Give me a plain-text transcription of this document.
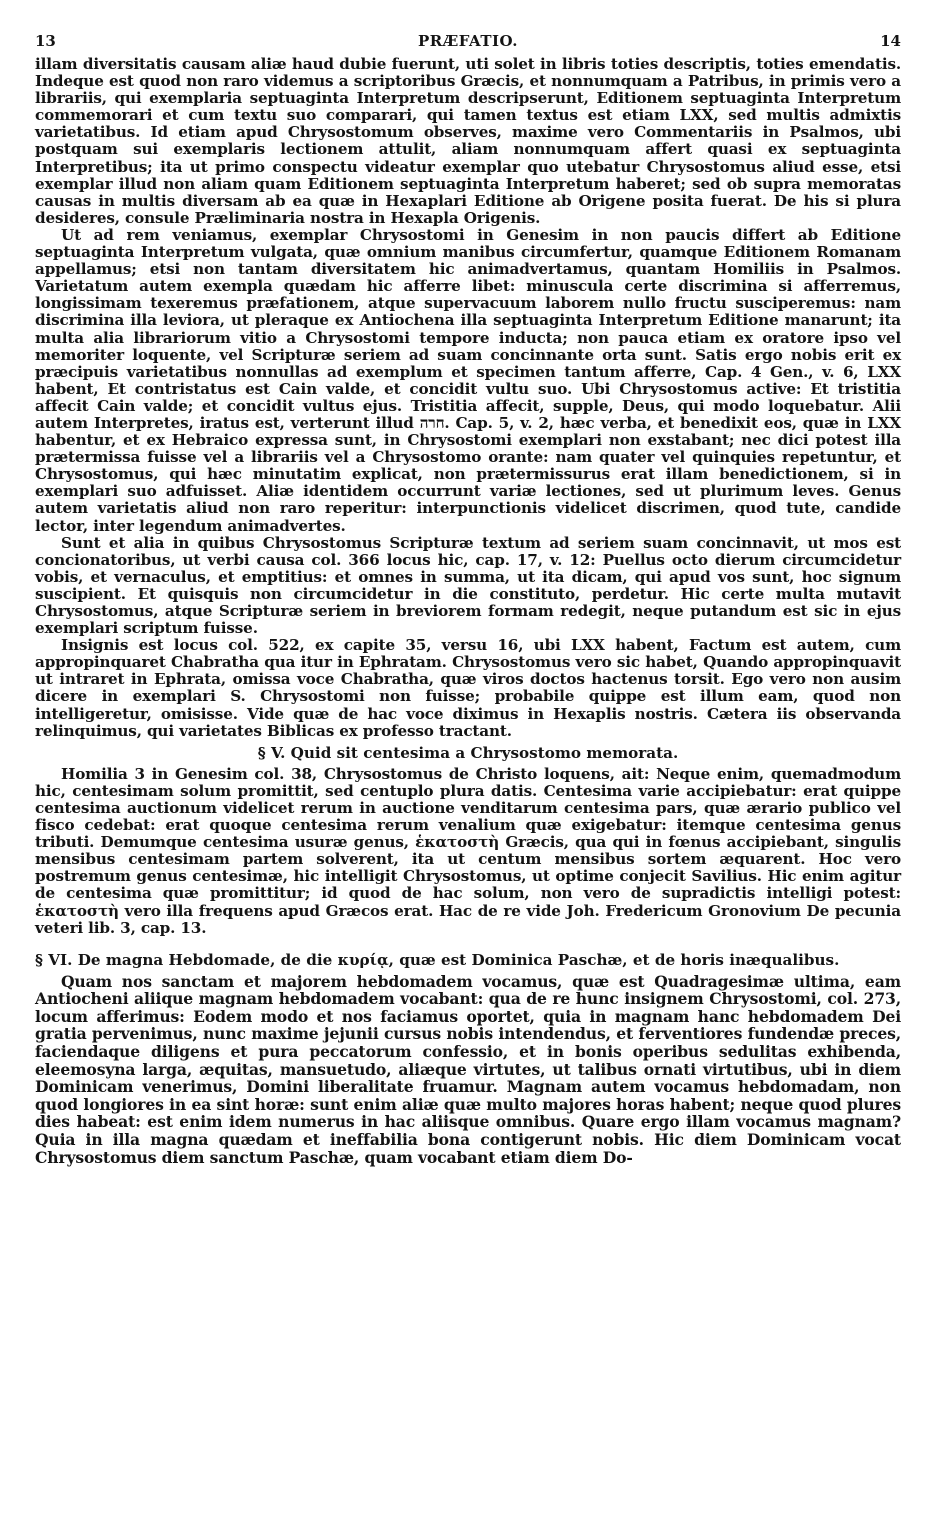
13	PRÆFATIO.	14

illam diversitatis causam aliæ haud dubie fuerunt, uti solet in libris toties descriptis, toties emendatis. Indeque est quod non raro videmus a scriptoribus Græcis, et nonnumquam a Patribus, in primis vero a librariis, qui exemplaria septuaginta Interpretum descripserunt, Editionem septuaginta Interpretum commemorari et cum textu suo comparari, qui tamen textus est etiam LXX, sed multis admixtis varietatibus. Id etiam apud Chrysostomum observes, maxime vero Commentariis in Psalmos, ubi postquam sui exemplaris lectionem attulit, aliam nonnumquam affert quasi ex septuaginta Interpretibus; ita ut primo conspectu videatur exemplar quo utebatur Chrysostomus aliud esse, etsi exemplar illud non aliam quam Editionem septuaginta Interpretum haberet; sed ob supra memoratas causas in multis diversam ab ea quæ in Hexaplari Editione ab Origene posita fuerat. De his si plura desideres, consule Præliminaria nostra in Hexapla Origenis.

Ut ad rem veniamus, exemplar Chrysostomi in Genesim in non paucis differt ab Editione septuaginta Interpretum vulgata, quæ omnium manibus circumfertur, quamque Editionem Romanam appellamus; etsi non tantam diversitatem hic animadvertamus, quantam Homiliis in Psalmos. Varietatum autem exempla quædam hic afferre libet: minuscula certe discrimina si afferremus, longissimam texeremus præfationem, atque supervacuum laborem nullo fructu susciperemus: nam discrimina illa leviora, ut pleraque ex Antiochena illa septuaginta Interpretum Editione manarunt; ita multa alia librariorum vitio a Chrysostomi tempore inducta; non pauca etiam ex oratore ipso vel memoriter loquente, vel Scripturæ seriem ad suam concinnante orta sunt. Satis ergo nobis erit ex præcipuis varietatibus nonnullas ad exemplum et specimen tantum afferre, Cap. 4 Gen., v. 6, LXX habent, Et contristatus est Cain valde, et concidit vultu suo. Ubi Chrysostomus active: Et tristitia affecit Cain valde; et concidit vultus ejus. Tristitia affecit, supple, Deus, qui modo loquebatur. Alii autem Interpretes, iratus est, verterunt illud חרה. Cap. 5, v. 2, hæc verba, et benedixit eos, quæ in LXX habentur, et ex Hebraico expressa sunt, in Chrysostomi exemplari non exstabant; nec dici potest illa prætermissa fuisse vel a librariis vel a Chrysostomo orante: nam quater vel quinquies repetuntur, et Chrysostomus, qui hæc minutatim explicat, non prætermissurus erat illam benedictionem, si in exemplari suo adfuisset. Aliæ identidem occurrunt variæ lectiones, sed ut plurimum leves. Genus autem varietatis aliud non raro reperitur: interpunctionis videlicet discrimen, quod tute, candide lector, inter legendum animadvertes.

Sunt et alia in quibus Chrysostomus Scripturæ textum ad seriem suam concinnavit, ut mos est concionatoribus, ut verbi causa col. 366 locus hic, cap. 17, v. 12: Puellus octo dierum circumcidetur vobis, et vernaculus, et emptitius: et omnes in summa, ut ita dicam, qui apud vos sunt, hoc signum suscipient. Et quisquis non circumcidetur in die constituto, perdetur. Hic certe multa mutavit Chrysostomus, atque Scripturæ seriem in breviorem formam redegit, neque putandum est sic in ejus exemplari scriptum fuisse.

Insignis est locus col. 522, ex capite 35, versu 16, ubi LXX habent, Factum est autem, cum appropinquaret Chabratha qua itur in Ephratam. Chrysostomus vero sic habet, Quando appropinquavit ut intraret in Ephrata, omissa voce Chabratha, quæ viros doctos hactenus torsit. Ego vero non ausim dicere in exemplari S. Chrysostomi non fuisse; probabile quippe est illum eam, quod non intelligeretur, omisisse. Vide quæ de hac voce diximus in Hexaplis nostris. Cætera iis observanda relinquimus, qui varietates Biblicas ex professo tractant.

§ V. Quid sit centesima a Chrysostomo memorata.

Homilia 3 in Genesim col. 38, Chrysostomus de Christo loquens, ait: Neque enim, quemadmodum hic, centesimam solum promittit, sed centuplo plura datis. Centesima varie accipiebatur: erat quippe centesima auctionum videlicet rerum in auctione venditarum centesima pars, quæ ærario publico vel fisco cedebat: erat quoque centesima rerum venalium quæ exigebatur: itemque centesima genus tributi. Demumque centesima usuræ genus, ἑκατοστὴ Græcis, qua qui in fœnus accipiebant, singulis mensibus centesimam partem solverent, ita ut centum mensibus sortem æquarent. Hoc vero postremum genus centesimæ, hic intelligit Chrysostomus, ut optime conjecit Savilius. Hic enim agitur de centesima quæ promittitur; id quod de hac solum, non vero de supradictis intelligi potest: ἑκατοστὴ vero illa frequens apud Græcos erat. Hac de re vide Joh. Fredericum Gronovium De pecunia veteri lib. 3, cap. 13.

§ VI. De magna Hebdomade, de die κυρίᾳ, quæ est Dominica Paschæ, et de horis inæqualibus.

Quam nos sanctam et majorem hebdomadem vocamus, quæ est Quadragesimæ ultima, eam Antiocheni aliique magnam hebdomadem vocabant: qua de re hunc insignem Chrysostomi, col. 273, locum afferimus: Eodem modo et nos faciamus oportet, quia in magnam hanc hebdomadem Dei gratia pervenimus, nunc maxime jejunii cursus nobis intendendus, et ferventiores fundendæ preces, faciendaque diligens et pura peccatorum confessio, et in bonis operibus sedulitas exhibenda, eleemosyna larga, æquitas, mansuetudo, aliæque virtutes, ut talibus ornati virtutibus, ubi in diem Dominicam venerimus, Domini liberalitate fruamur. Magnam autem vocamus hebdomadam, non quod longiores in ea sint horæ: sunt enim aliæ quæ multo majores horas habent; neque quod plures dies habeat: est enim idem numerus in hac aliisque omnibus. Quare ergo illam vocamus magnam? Quia in illa magna quædam et ineffabilia bona contigerunt nobis. Hic diem Dominicam vocat Chrysostomus diem sanctum Paschæ, quam vocabant etiam diem Do-
